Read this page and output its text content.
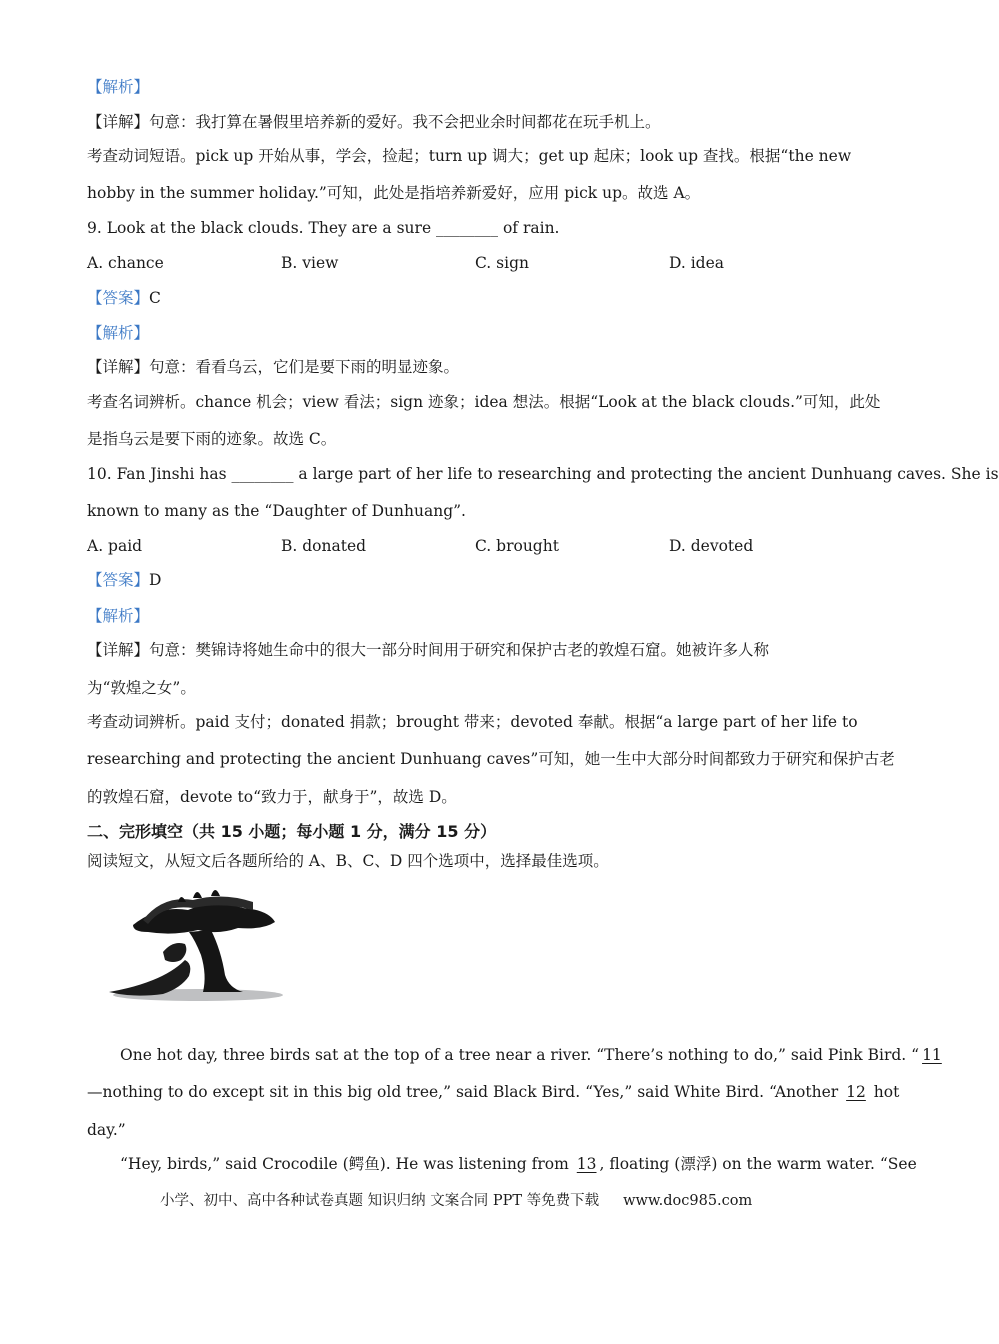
【解析】
【详解】句意：我打算在暑假里培养新的爱好。我不会把业余时间都花在玩手机上。
考查动词短语。pick up 开始从事，学会，捡起；turn up 调大；get up 起床；look up 查找。根据“the new
hobby in the summer holiday.”可知，此处是指培养新爱好，应用 pick up。故选 A。
9. Look at the black clouds. They are a sure ________ of rain.
A. chance	B. view	C. sign	D. idea
【答案】C
【解析】
【详解】句意：看看乌云，它们是要下雨的明显迹象。
考查名词辨析。chance 机会；view 看法；sign 迹象；idea 想法。根据“Look at the black clouds.”可知，此处
是指乌云是要下雨的迹象。故选 C。
10. Fan Jinshi has ________ a large part of her life to researching and protecting the ancient Dunhuang caves. She is
known to many as the “Daughter of Dunhuang”.
A. paid	B. donated	C. brought	D. devoted
【答案】D
【解析】
【详解】句意：樊锦诗将她生命中的很大一部分时间用于研究和保护古老的敦煌石窟。她被许多人称
为“敦煌之女”。
考查动词辨析。paid 支付；donated 捐款；brought 带来；devoted 奉献。根据“a large part of her life to
researching and protecting the ancient Dunhuang caves”可知，她一生中大部分时间都致力于研究和保护古老
的敦煌石窟，devote to“致力于，献身于”，故选 D。
二、完形填空（共 15 小题；每小题 1 分，满分 15 分）
阅读短文，从短文后各题所给的 A、B、C、D 四个选项中，选择最佳选项。
One hot day, three birds sat at the top of a tree near a river. “There’s nothing to do,” said Pink Bird. “ 11
—nothing to do except sit in this big old tree,” said Black Bird. “Yes,” said White Bird. “Another 12 hot
day.”
“Hey, birds,” said Crocodile (鳄鱼). He was listening from 13 , floating (漂浮) on the warm water. “See
小学、初中、高中各种试卷真题 知识归纳 文案合同 PPT 等免费下载 www.doc985.com
